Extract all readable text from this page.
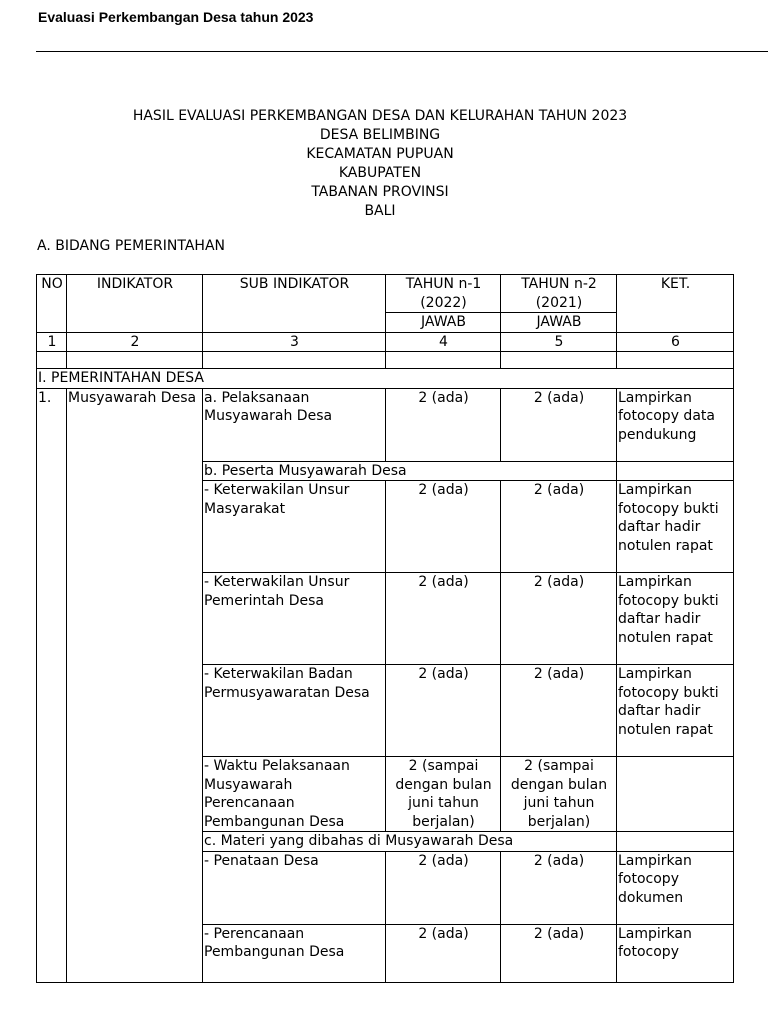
Evaluasi Perkembangan Desa tahun 2023
HASIL EVALUASI PERKEMBANGAN DESA DAN KELURAHAN TAHUN 2023
DESA BELIMBING
KECAMATAN PUPUAN
KABUPATEN
TABANAN PROVINSI
BALI
A. BIDANG PEMERINTAHAN
NO	INDIKATOR	SUB INDIKATOR	TAHUN n-1 (2022)	TAHUN n-2 (2021)	KET.
			JAWAB	JAWAB	
1	2	3	4	5	6

I. PEMERINTAHAN DESA					
1.	Musyawarah Desa	a. Pelaksanaan Musyawarah Desa	2 (ada)	2 (ada)	Lampirkan fotocopy data pendukung
		b. Peserta Musyawarah Desa			
		- Keterwakilan Unsur Masyarakat	2 (ada)	2 (ada)	Lampirkan fotocopy bukti daftar hadir notulen rapat
		- Keterwakilan Unsur Pemerintah Desa	2 (ada)	2 (ada)	Lampirkan fotocopy bukti daftar hadir notulen rapat
		- Keterwakilan Badan Permusyawaratan Desa	2 (ada)	2 (ada)	Lampirkan fotocopy bukti daftar hadir notulen rapat
		- Waktu Pelaksanaan Musyawarah Perencanaan Pembangunan Desa	2 (sampai dengan bulan juni tahun berjalan)	2 (sampai dengan bulan juni tahun berjalan)	
		c. Materi yang dibahas di Musyawarah Desa			
		- Penataan Desa	2 (ada)	2 (ada)	Lampirkan fotocopy dokumen
		- Perencanaan Pembangunan Desa	2 (ada)	2 (ada)	Lampirkan fotocopy
